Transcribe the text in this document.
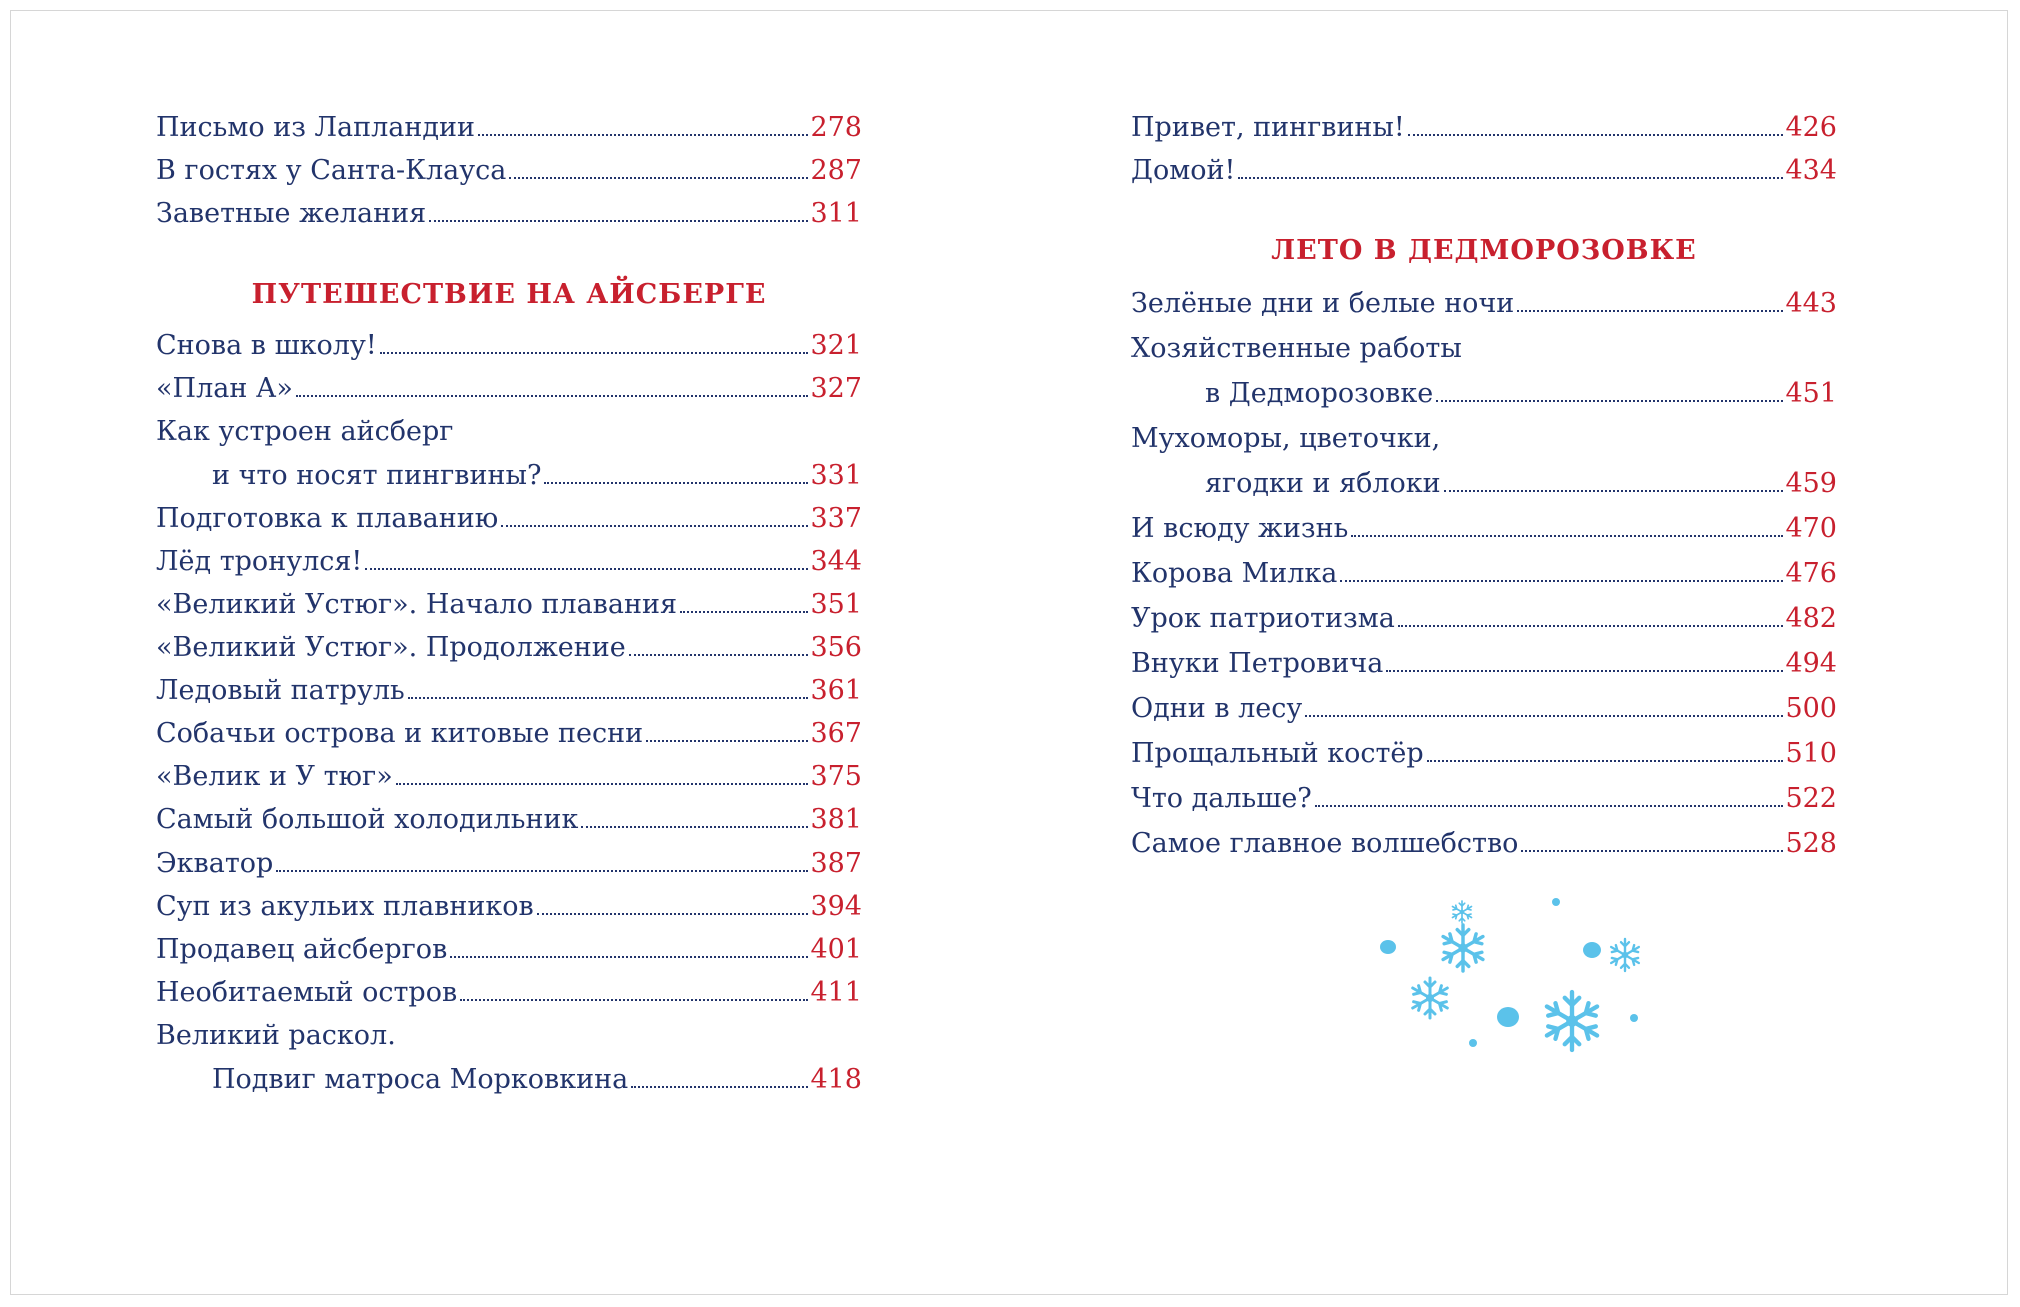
Письмо из Лапландии	278
В гостях у Санта-Клауса	287
Заветные желания	311
ПУТЕШЕСТВИЕ НА АЙСБЕРГЕ
Снова в школу!	321
«План А»	327
Как устроен айсберг
и что носят пингвины?	331
Подготовка к плаванию	337
Лёд тронулся!	344
«Великий Устюг». Начало плавания	351
«Великий Устюг». Продолжение	356
Ледовый патруль	361
Собачьи острова и китовые песни	367
«Велик и У тюг»	375
Самый большой холодильник	381
Экватор	387
Суп из акульих плавников	394
Продавец айсбергов	401
Необитаемый остров	411
Великий раскол.
Подвиг матроса Морковкина	418
Привет, пингвины!	426
Домой!	434
ЛЕТО В ДЕДМОРОЗОВКЕ
Зелёные дни и белые ночи	443
Хозяйственные работы
в Дедморозовке	451
Мухоморы, цветочки,
ягодки и яблоки	459
И всюду жизнь	470
Корова Милка	476
Урок патриотизма	482
Внуки Петровича	494
Одни в лесу	500
Прощальный костёр	510
Что дальше?	522
Самое главное волшебство	528
